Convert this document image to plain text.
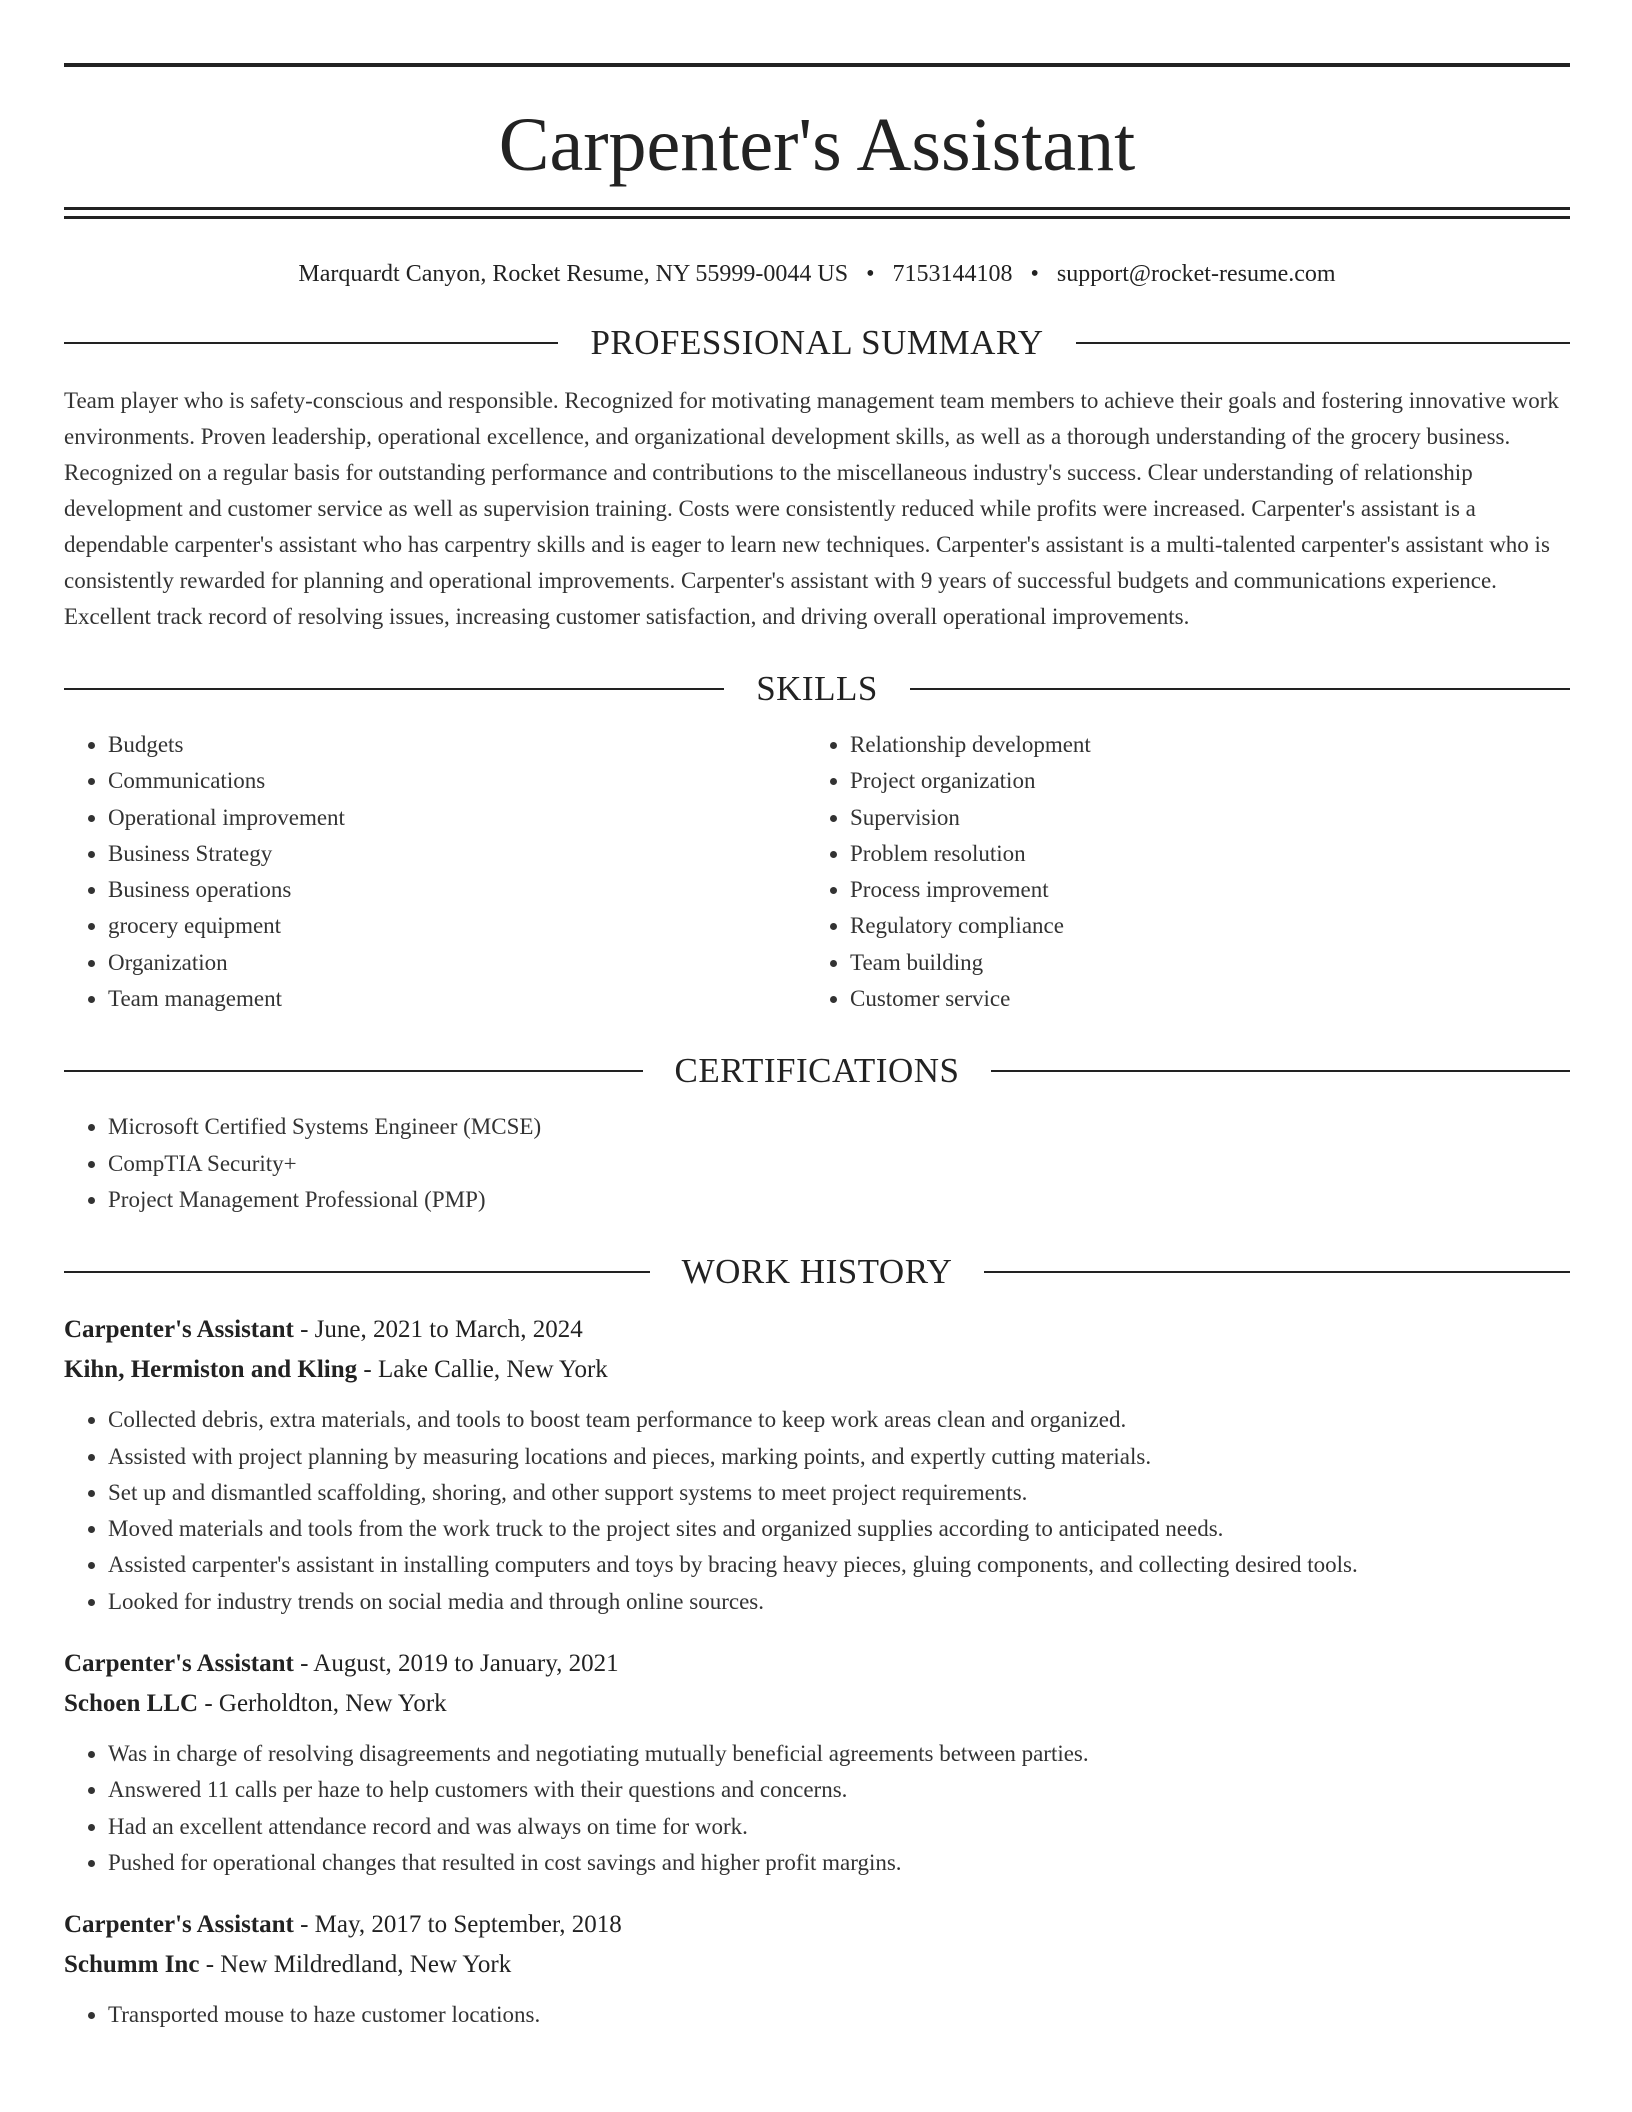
Carpenter's Assistant
Marquardt Canyon, Rocket Resume, NY 55999-0044 US • 7153144108 • support@rocket-resume.com
PROFESSIONAL SUMMARY
Team player who is safety-conscious and responsible. Recognized for motivating management team members to achieve their goals and fostering innovative work environments. Proven leadership, operational excellence, and organizational development skills, as well as a thorough understanding of the grocery business. Recognized on a regular basis for outstanding performance and contributions to the miscellaneous industry's success. Clear understanding of relationship development and customer service as well as supervision training. Costs were consistently reduced while profits were increased. Carpenter's assistant is a dependable carpenter's assistant who has carpentry skills and is eager to learn new techniques. Carpenter's assistant is a multi-talented carpenter's assistant who is consistently rewarded for planning and operational improvements. Carpenter's assistant with 9 years of successful budgets and communications experience. Excellent track record of resolving issues, increasing customer satisfaction, and driving overall operational improvements.
SKILLS
• Budgets
• Communications
• Operational improvement
• Business Strategy
• Business operations
• grocery equipment
• Organization
• Team management
• Relationship development
• Project organization
• Supervision
• Problem resolution
• Process improvement
• Regulatory compliance
• Team building
• Customer service
CERTIFICATIONS
• Microsoft Certified Systems Engineer (MCSE)
• CompTIA Security+
• Project Management Professional (PMP)
WORK HISTORY
Carpenter's Assistant - June, 2021 to March, 2024
Kihn, Hermiston and Kling - Lake Callie, New York
• Collected debris, extra materials, and tools to boost team performance to keep work areas clean and organized.
• Assisted with project planning by measuring locations and pieces, marking points, and expertly cutting materials.
• Set up and dismantled scaffolding, shoring, and other support systems to meet project requirements.
• Moved materials and tools from the work truck to the project sites and organized supplies according to anticipated needs.
• Assisted carpenter's assistant in installing computers and toys by bracing heavy pieces, gluing components, and collecting desired tools.
• Looked for industry trends on social media and through online sources.
Carpenter's Assistant - August, 2019 to January, 2021
Schoen LLC - Gerholdton, New York
• Was in charge of resolving disagreements and negotiating mutually beneficial agreements between parties.
• Answered 11 calls per haze to help customers with their questions and concerns.
• Had an excellent attendance record and was always on time for work.
• Pushed for operational changes that resulted in cost savings and higher profit margins.
Carpenter's Assistant - May, 2017 to September, 2018
Schumm Inc - New Mildredland, New York
• Transported mouse to haze customer locations.
